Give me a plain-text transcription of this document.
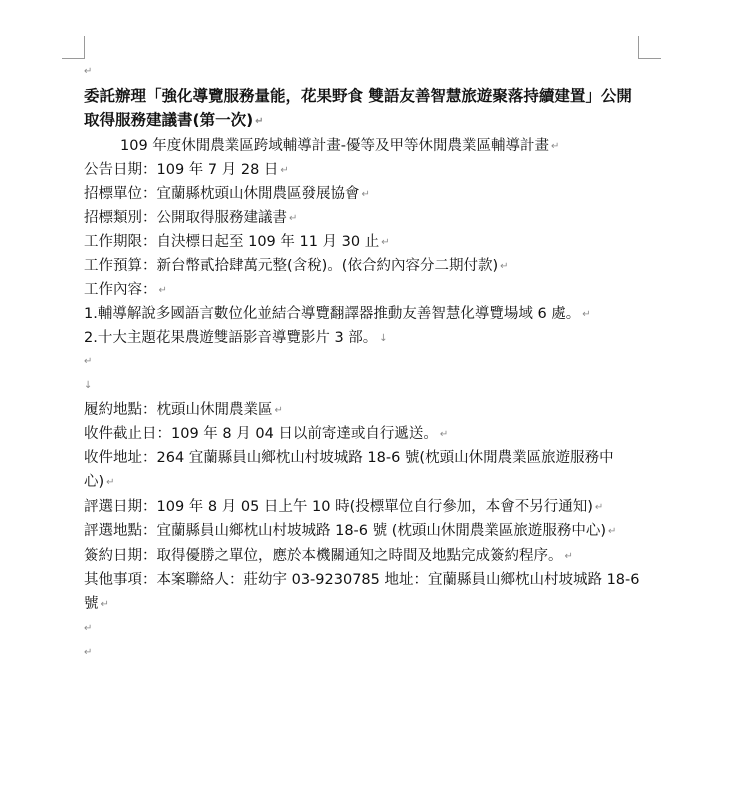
↵
委託辦理「強化導覽服務量能，花果野食 雙語友善智慧旅遊聚落持續建置」公開取得服務建議書(第一次) ↵
109 年度休閒農業區跨域輔導計畫-優等及甲等休閒農業區輔導計畫 ↵
公告日期：109 年 7 月 28 日 ↵
招標單位：宜蘭縣枕頭山休閒農區發展協會 ↵
招標類別：公開取得服務建議書 ↵
工作期限：自決標日起至 109 年 11 月 30 止 ↵
工作預算：新台幣貳拾肆萬元整(含稅)。(依合約內容分二期付款) ↵
工作內容： ↵
1.輔導解說多國語言數位化並結合導覽翻譯器推動友善智慧化導覽場域 6 處。 ↵
2.十大主題花果農遊雙語影音導覽影片 3 部。 ↓
↵
↓
履約地點：枕頭山休閒農業區 ↵
收件截止日：109 年 8 月 04 日以前寄達或自行遞送。 ↵
收件地址：264 宜蘭縣員山鄉枕山村坡城路 18-6 號(枕頭山休閒農業區旅遊服務中心) ↵
評選日期：109 年 8 月 05 日上午 10 時(投標單位自行參加，本會不另行通知) ↵
評選地點：宜蘭縣員山鄉枕山村坡城路 18-6 號 (枕頭山休閒農業區旅遊服務中心) ↵
簽約日期：取得優勝之單位，應於本機關通知之時間及地點完成簽約程序。 ↵
其他事項：本案聯絡人：莊幼宇 03-9230785 地址：宜蘭縣員山鄉枕山村坡城路 18-6 號 ↵
↵
↵
